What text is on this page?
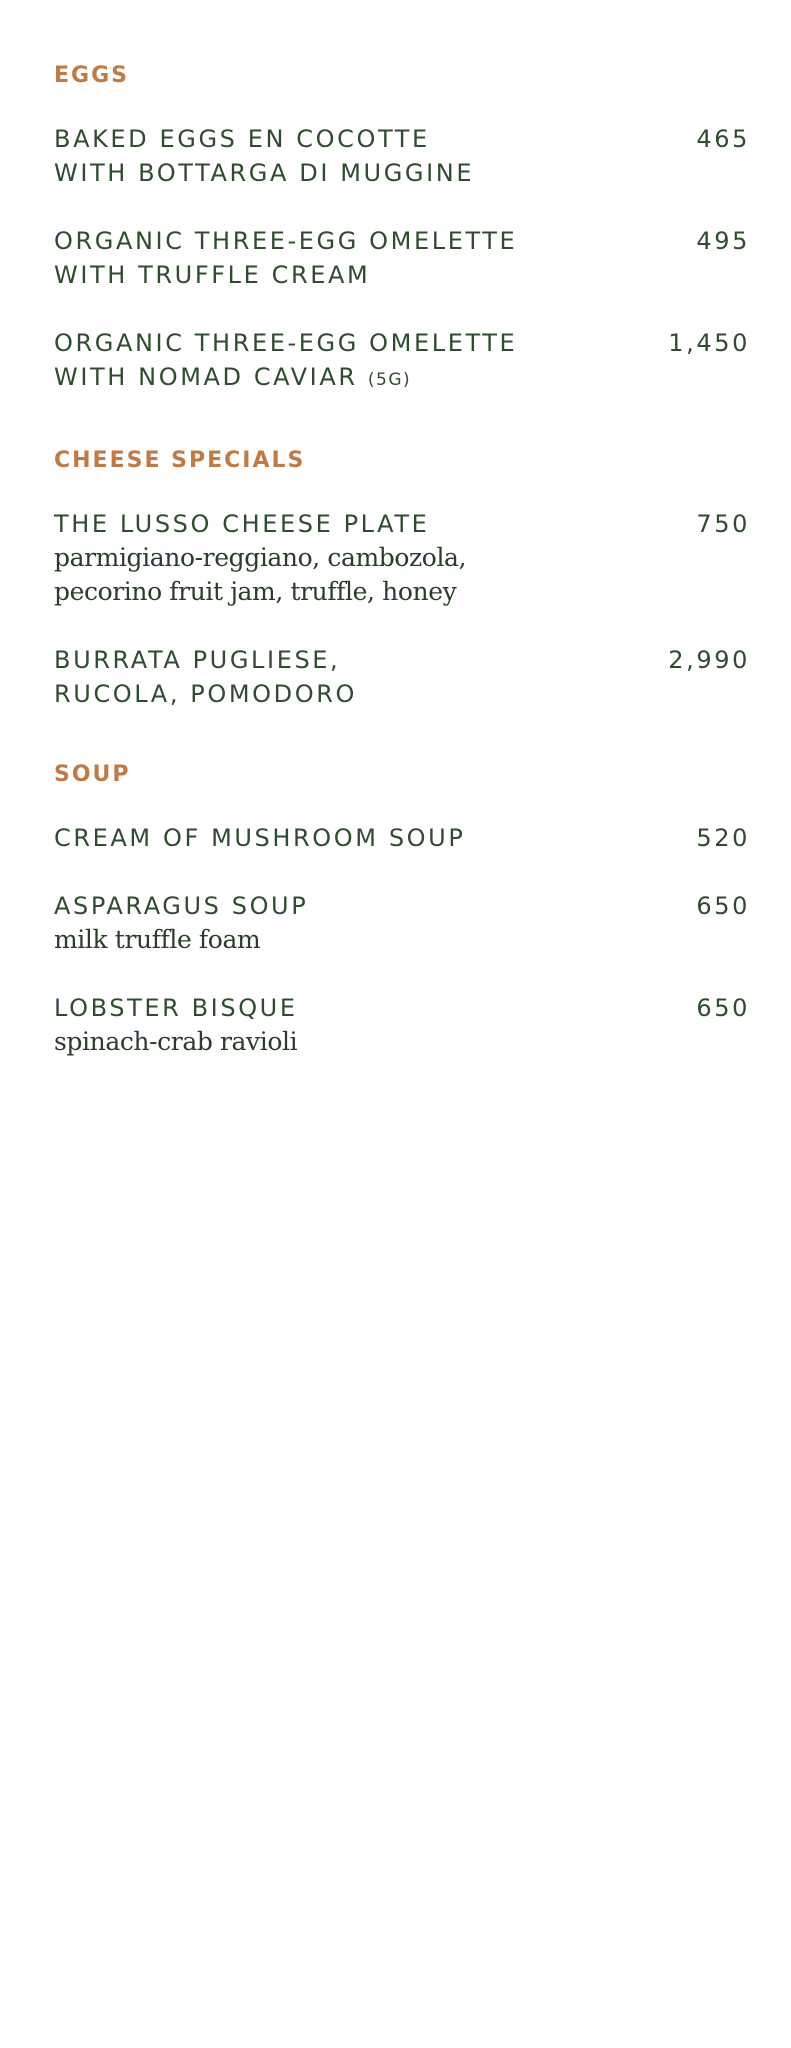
EGGS
BAKED EGGS EN COCOTTE
WITH BOTTARGA DI MUGGINE
465
ORGANIC THREE-EGG OMELETTE
WITH TRUFFLE CREAM
495
ORGANIC THREE-EGG OMELETTE
WITH NOMAD CAVIAR (5G)
1,450
CHEESE SPECIALS
THE LUSSO CHEESE PLATE
parmigiano-reggiano, cambozola,
pecorino fruit jam, truffle, honey
750
BURRATA PUGLIESE,
RUCOLA, POMODORO
2,990
SOUP
CREAM OF MUSHROOM SOUP	520
ASPARAGUS SOUP
milk truffle foam
650
LOBSTER BISQUE
spinach-crab ravioli
650
